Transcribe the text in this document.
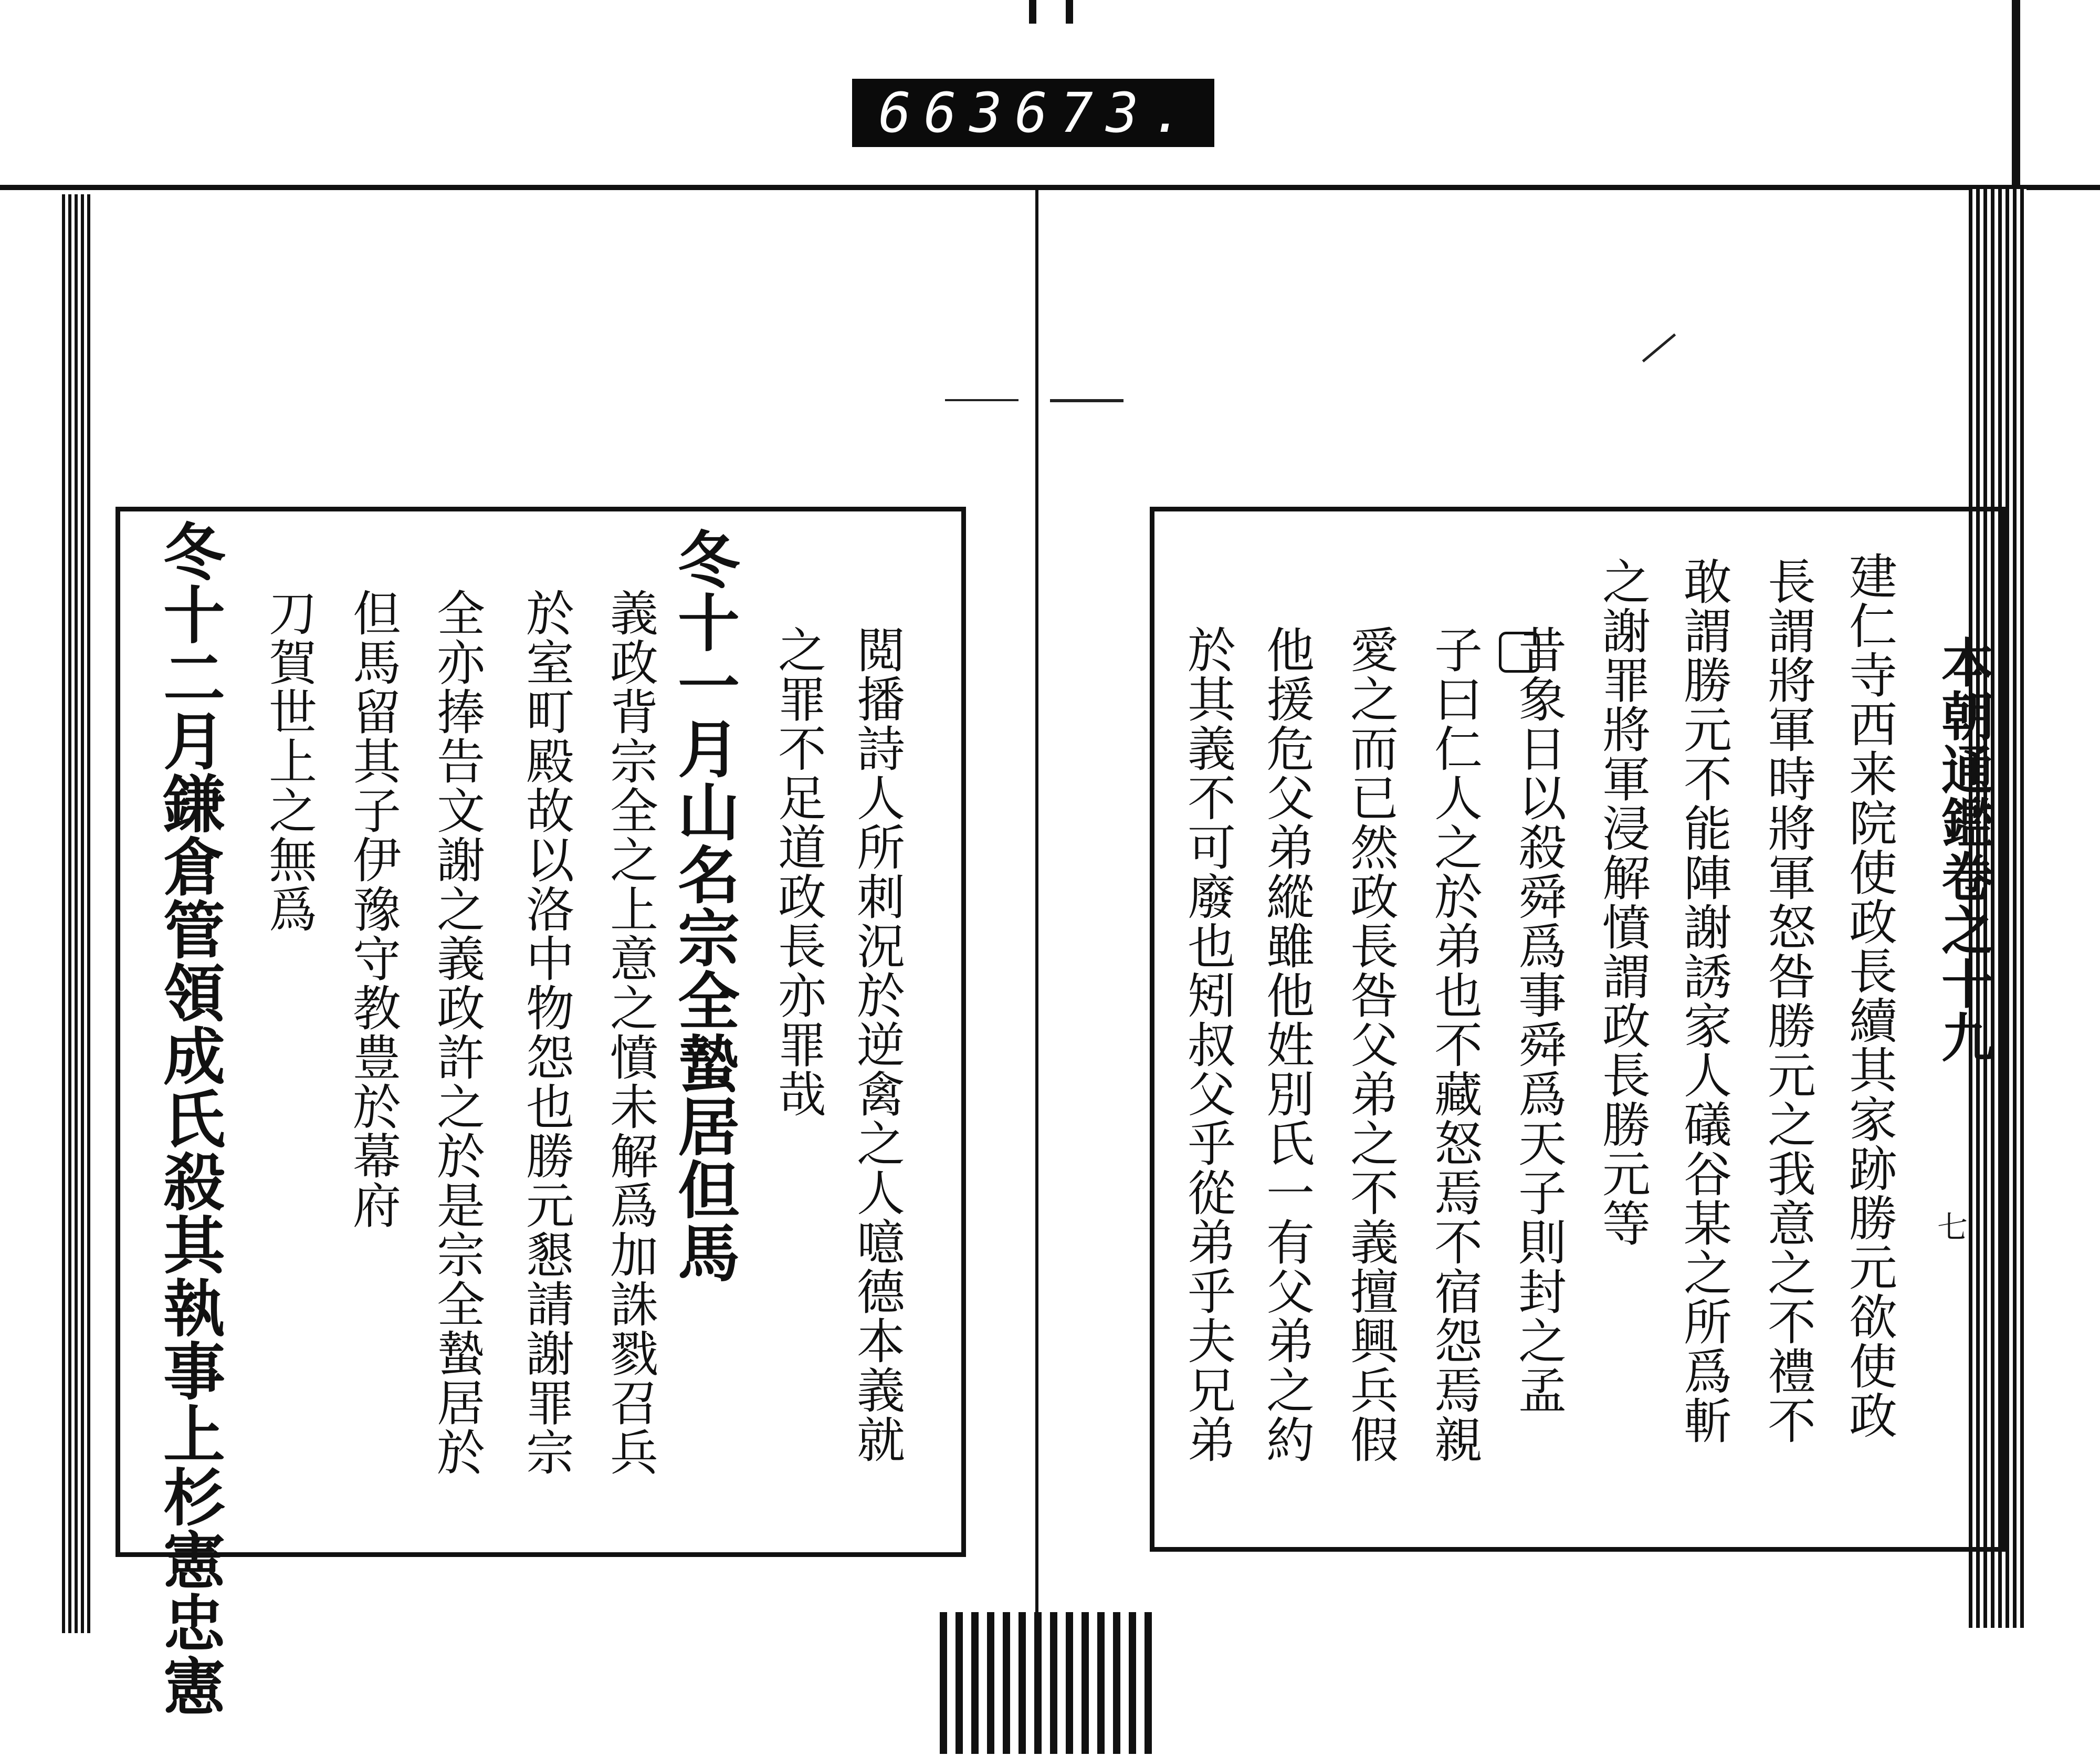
663 673.
本朝通鑑卷之十九
七
建仁寺西来院使政長續其家跡勝元欲使政
長謂將軍時將軍怒咎勝元之我意之不禮不
敢謂勝元不能陣謝誘家人礒谷某之所爲斬
之謝罪將軍浸解憤謂政長勝元等
昔象日以殺舜爲事舜爲天子則封之孟
子曰仁人之於弟也不藏怒焉不宿怨焉親
愛之而已然政長咎父弟之不義擅興兵假
他援危父弟縱雖他姓別氏一有父弟之約
於其義不可廢也矧叔父乎從弟乎夫兄弟
閲播詩人所刺況於逆禽之人噫德本義就
之罪不足道政長亦罪哉
冬十一月山名宗全蟄居但馬
義政背宗全之上意之憤未解爲加誅戮召兵
於室町殿故以洛中物怨也勝元懇請謝罪宗
全亦捧告文謝之義政許之於是宗全蟄居於
但馬留其子伊豫守教豊於幕府
刀賀世上之無爲
冬十二月鎌倉管領成氏殺其執事上杉憲忠憲
